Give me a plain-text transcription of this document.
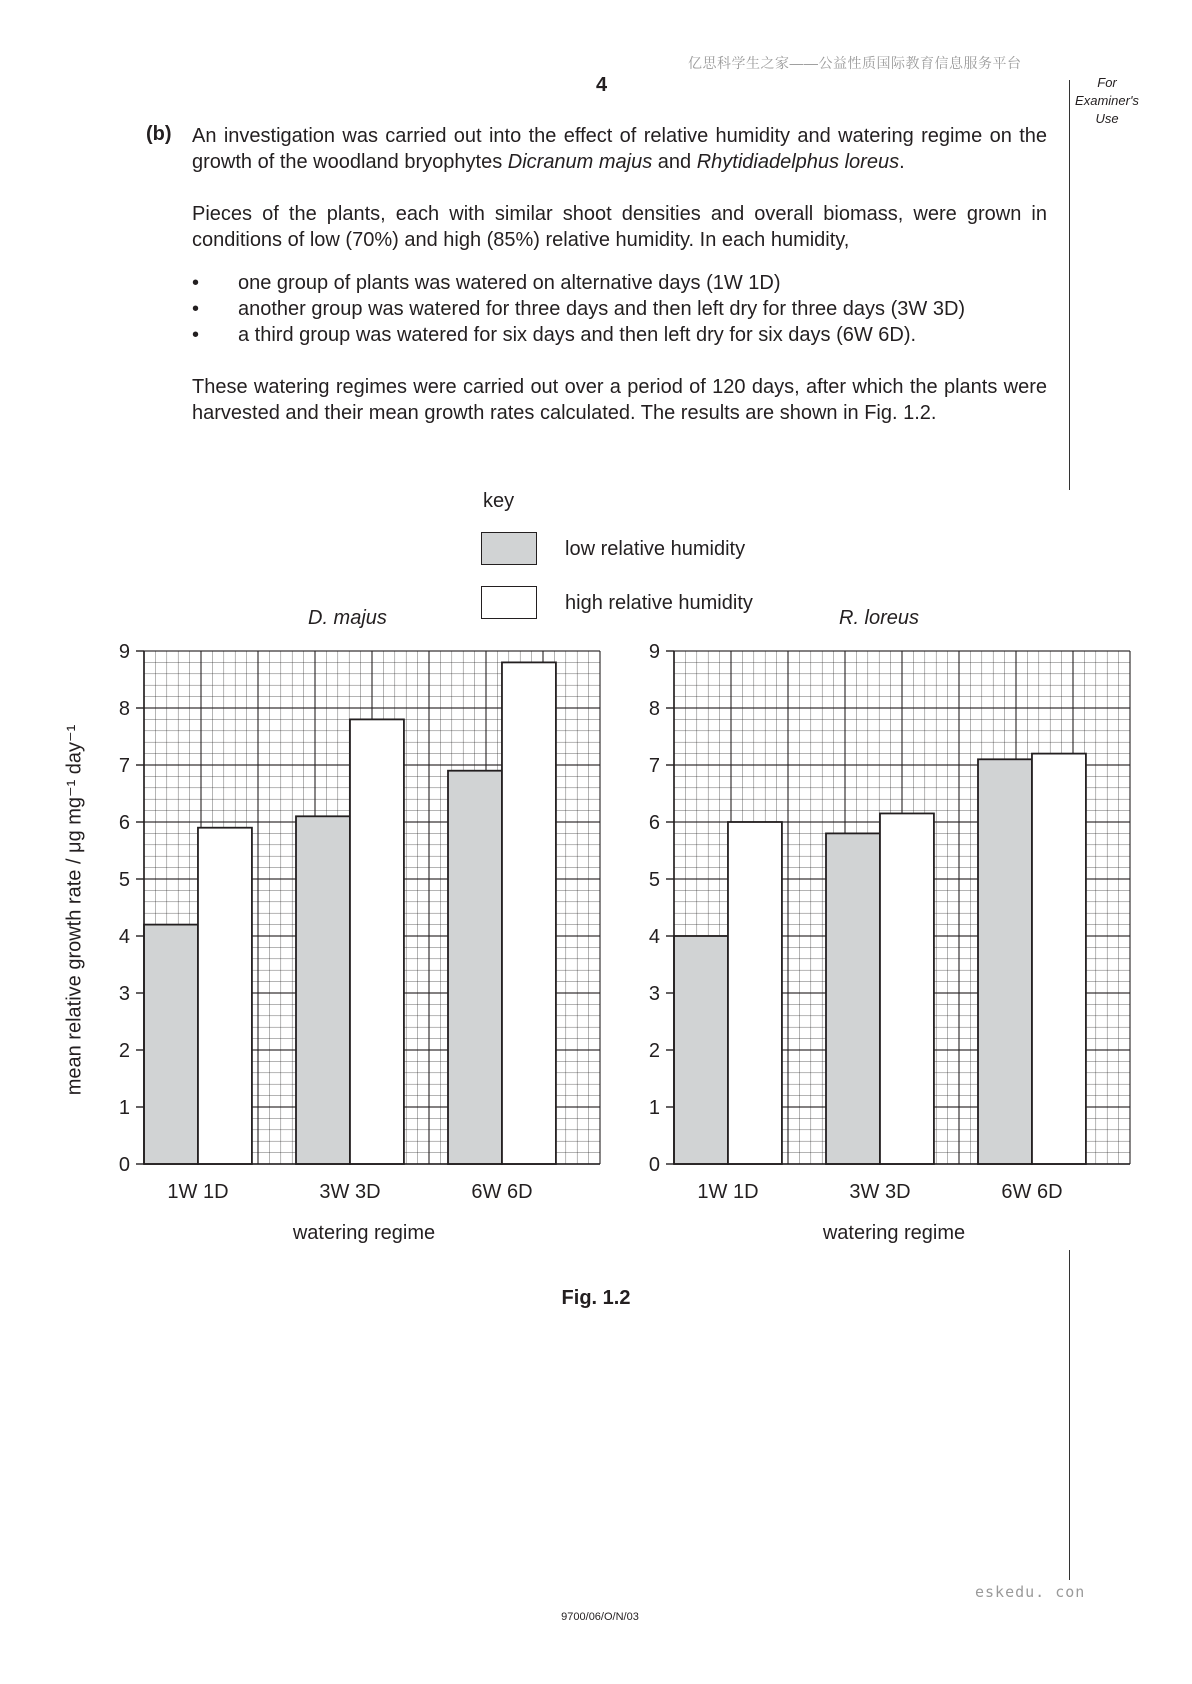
亿思科学生之家——公益性质国际教育信息服务平台
4	For
Examiner's
Use
(b) An investigation was carried out into the effect of relative humidity and watering regime on the growth of the woodland bryophytes Dicranum majus and Rhytidiadelphus loreus.
Pieces of the plants, each with similar shoot densities and overall biomass, were grown in conditions of low (70%) and high (85%) relative humidity. In each humidity,
•	one group of plants was watered on alternative days (1W 1D)
•	another group was watered for three days and then left dry for three days (3W 3D)
•	a third group was watered for six days and then left dry for six days (6W 6D).
These watering regimes were carried out over a period of 120 days, after which the plants were harvested and their mean growth rates calculated. The results are shown in Fig. 1.2.
key
low relative humidity
high relative humidity
D. majus	R. loreus
mean relative growth rate / μg mg⁻¹ day⁻¹
1W 1D	3W 3D	6W 6D
0
1
2
3
4
5
6
7
8
9
watering regime
1W 1D	3W 3D	6W 6D
0
1
2
3
4
5
6
7
8
9
watering regime
Fig. 1.2
eskedu. con
9700/06/O/N/03
